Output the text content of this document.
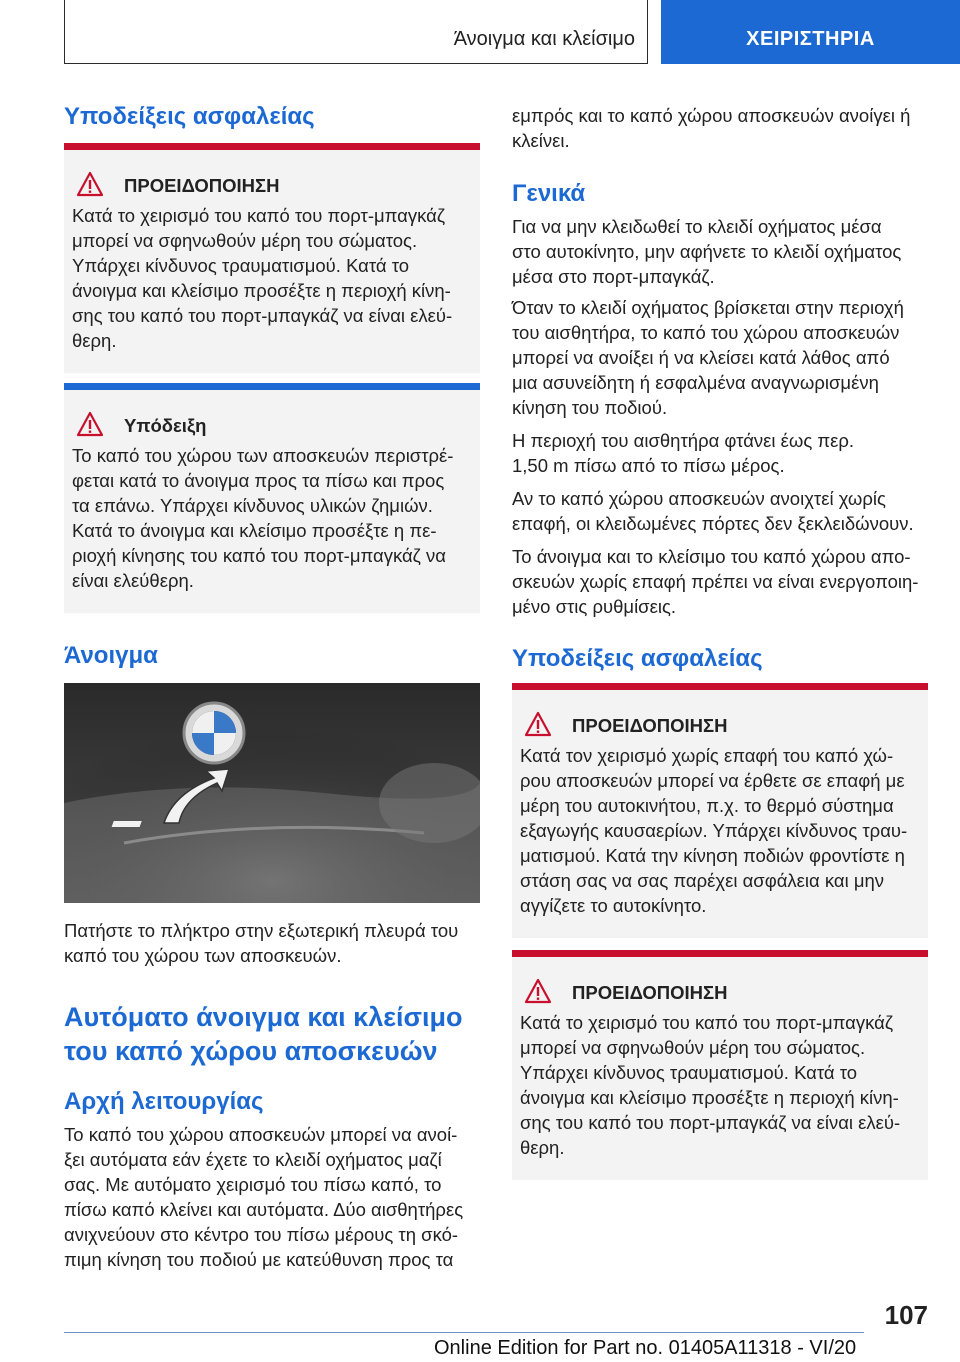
Άνοιγμα και κλείσιμο	ΧΕΙΡΙΣΤΗΡΙΑ
Υποδείξεις ασφαλείας
ΠΡΟΕΙΔΟΠΟΙΗΣΗ

Κατά το χειρισμό του καπό του πορτ-μπαγκάζ
μπορεί να σφηνωθούν μέρη του σώματος.
Υπάρχει κίνδυνος τραυματισμού. Κατά το
άνοιγμα και κλείσιμο προσέξτε η περιοχή κίνη-
σης του καπό του πορτ-μπαγκάζ να είναι ελεύ-
θερη.

Υπόδειξη

Το καπό του χώρου των αποσκευών περιστρέ-
φεται κατά το άνοιγμα προς τα πίσω και προς
τα επάνω. Υπάρχει κίνδυνος υλικών ζημιών.
Κατά το άνοιγμα και κλείσιμο προσέξτε η πε-
ριοχή κίνησης του καπό του πορτ-μπαγκάζ να
είναι ελεύθερη.

Άνοιγμα

Πατήστε το πλήκτρο στην εξωτερική πλευρά του
καπό του χώρου των αποσκευών.

Αυτόματο άνοιγμα και κλείσιμο
του καπό χώρου αποσκευών
Αρχή λειτουργίας

Το καπό του χώρου αποσκευών μπορεί να ανοί-
ξει αυτόματα εάν έχετε το κλειδί οχήματος μαζί
σας. Με αυτόματο χειρισμό του πίσω καπό, το
πίσω καπό κλείνει και αυτόματα. Δύο αισθητήρες
ανιχνεύουν στο κέντρο του πίσω μέρους τη σκό-
πιμη κίνηση του ποδιού με κατεύθυνση προς τα

εμπρός και το καπό χώρου αποσκευών ανοίγει ή
κλείνει.

Γενικά

Για να μην κλειδωθεί το κλειδί οχήματος μέσα
στο αυτοκίνητο, μην αφήνετε το κλειδί οχήματος
μέσα στο πορτ-μπαγκάζ.

Όταν το κλειδί οχήματος βρίσκεται στην περιοχή
του αισθητήρα, το καπό του χώρου αποσκευών
μπορεί να ανοίξει ή να κλείσει κατά λάθος από
μια ασυνείδητη ή εσφαλμένα αναγνωρισμένη
κίνηση του ποδιού.

Η περιοχή του αισθητήρα φτάνει έως περ.
1,50 m πίσω από το πίσω μέρος.

Αν το καπό χώρου αποσκευών ανοιχτεί χωρίς
επαφή, οι κλειδωμένες πόρτες δεν ξεκλειδώνουν.

Το άνοιγμα και το κλείσιμο του καπό χώρου απο-
σκευών χωρίς επαφή πρέπει να είναι ενεργοποιη-
μένο στις ρυθμίσεις.

Υποδείξεις ασφαλείας
ΠΡΟΕΙΔΟΠΟΙΗΣΗ

Κατά τον χειρισμό χωρίς επαφή του καπό χώ-
ρου αποσκευών μπορεί να έρθετε σε επαφή με
μέρη του αυτοκινήτου, π.χ. το θερμό σύστημα
εξαγωγής καυσαερίων. Υπάρχει κίνδυνος τραυ-
ματισμού. Κατά την κίνηση ποδιών φροντίστε η
στάση σας να σας παρέχει ασφάλεια και μην
αγγίζετε το αυτοκίνητο.

ΠΡΟΕΙΔΟΠΟΙΗΣΗ

Κατά το χειρισμό του καπό του πορτ-μπαγκάζ
μπορεί να σφηνωθούν μέρη του σώματος.
Υπάρχει κίνδυνος τραυματισμού. Κατά το
άνοιγμα και κλείσιμο προσέξτε η περιοχή κίνη-
σης του καπό του πορτ-μπαγκάζ να είναι ελεύ-
θερη.

107
Online Edition for Part no. 01405A11318 - VI/20
